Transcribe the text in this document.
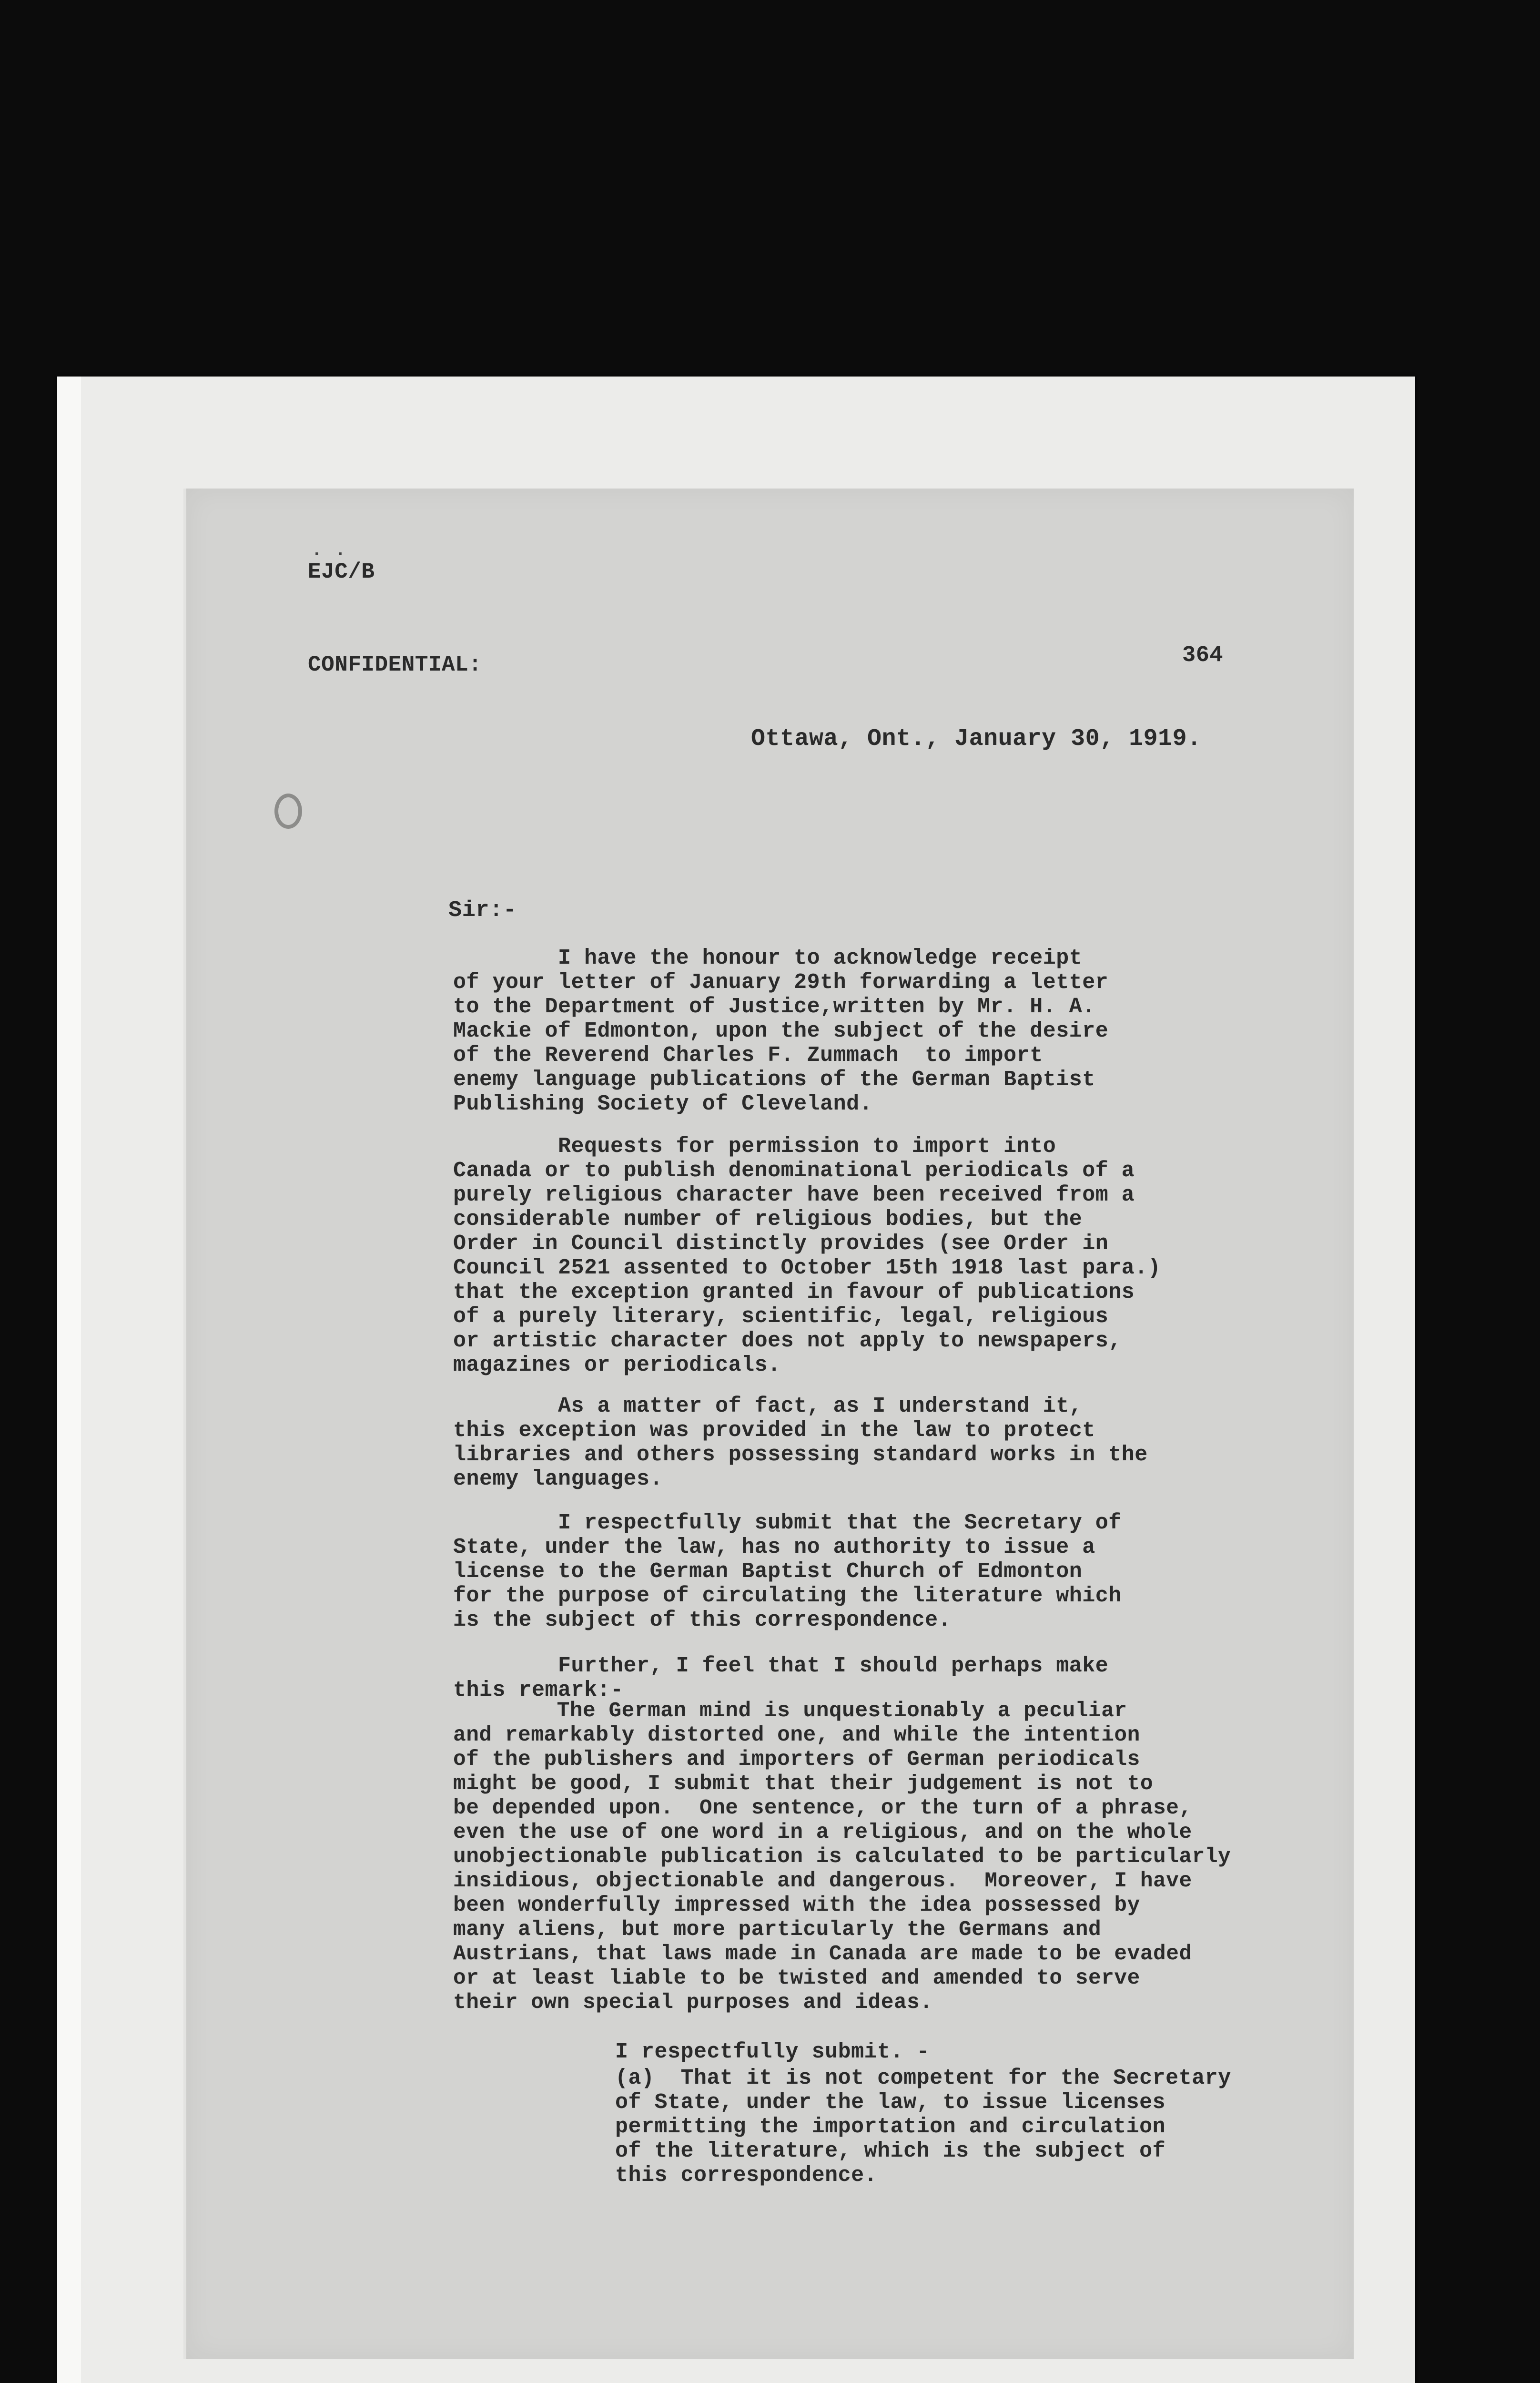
. .
EJC/B
CONFIDENTIAL:	364
Ottawa, Ont., January 30, 1919.
Sir:-
I have the honour to acknowledge receipt
of your letter of January 29th forwarding a letter
to the Department of Justice,written by Mr. H. A.
Mackie of Edmonton, upon the subject of the desire
of the Reverend Charles F. Zummach  to import
enemy language publications of the German Baptist
Publishing Society of Cleveland.
Requests for permission to import into
Canada or to publish denominational periodicals of a
purely religious character have been received from a
considerable number of religious bodies, but the
Order in Council distinctly provides (see Order in
Council 2521 assented to October 15th 1918 last para.)
that the exception granted in favour of publications
of a purely literary, scientific, legal, religious
or artistic character does not apply to newspapers,
magazines or periodicals.
As a matter of fact, as I understand it,
this exception was provided in the law to protect
libraries and others possessing standard works in the
enemy languages.
I respectfully submit that the Secretary of
State, under the law, has no authority to issue a
license to the German Baptist Church of Edmonton
for the purpose of circulating the literature which
is the subject of this correspondence.
Further, I feel that I should perhaps make
this remark:-
The German mind is unquestionably a peculiar
and remarkably distorted one, and while the intention
of the publishers and importers of German periodicals
might be good, I submit that their judgement is not to
be depended upon.  One sentence, or the turn of a phrase,
even the use of one word in a religious, and on the whole
unobjectionable publication is calculated to be particularly
insidious, objectionable and dangerous.  Moreover, I have
been wonderfully impressed with the idea possessed by
many aliens, but more particularly the Germans and
Austrians, that laws made in Canada are made to be evaded
or at least liable to be twisted and amended to serve
their own special purposes and ideas.
I respectfully submit. -
(a)  That it is not competent for the Secretary
of State, under the law, to issue licenses
permitting the importation and circulation
of the literature, which is the subject of
this correspondence.
